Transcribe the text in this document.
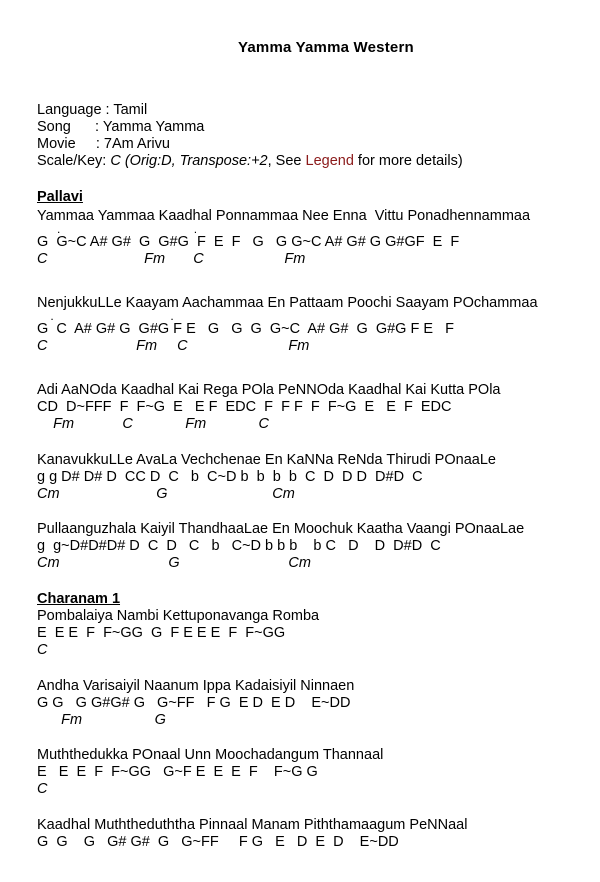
Yamma Yamma Western
Language : Tamil
Song      : Yamma Yamma
Movie     : 7Am Arivu
Scale/Key: C (Orig:D, Transpose:+2, See Legend for more details)
Pallavi
Yammaa Yammaa Kaadhal Ponnammaa Nee Enna  Vittu Ponadhennammaa
.                                        .
G  G~C A# G#  G  G#G  F  E  F   G   G G~C A# G# G G#GF  E  F
C                        Fm       C                    Fm
NenjukkuLLe Kaayam Aachammaa En Pattaam Poochi Saayam POchammaa
.                                   .
G  C  A# G# G  G#G F E   G   G  G  G~C  A# G#  G  G#G F E   F
C                      Fm     C                         Fm
Adi AaNOda Kaadhal Kai Rega POla PeNNOda Kaadhal Kai Kutta POla
CD  D~FFF  F  F~G  E   E F  EDC  F  F F  F  F~G  E   E  F  EDC
Fm            C             Fm             C
KanavukkuLLe AvaLa Vechchenae En KaNNa ReNda Thirudi POnaaLe
g g D# D# D  CC D  C   b  C~D b  b  b  b  C  D  D D  D#D  C
Cm                        G                          Cm
Pullaanguzhala Kaiyil ThandhaaLae En Moochuk Kaatha Vaangi POnaaLae
g  g~D#D#D# D  C  D   C   b   C~D b b b    b C   D    D  D#D  C
Cm                           G                           Cm
Charanam 1
Pombalaiya Nambi Kettuponavanga Romba
E  E E  F  F~GG  G  F E E E  F  F~GG
C
Andha Varisaiyil Naanum Ippa Kadaisiyil Ninnaen
G G   G G#G# G   G~FF   F G  E D  E D    E~DD
Fm                  G
Muththedukka POnaal Unn Moochadangum Thannaal
E   E  E  F  F~GG   G~F E  E  E  F    F~G G
C
Kaadhal Muththeduththa Pinnaal Manam Piththamaagum PeNNaal
G  G    G   G# G#  G   G~FF     F G   E   D  E  D    E~DD
